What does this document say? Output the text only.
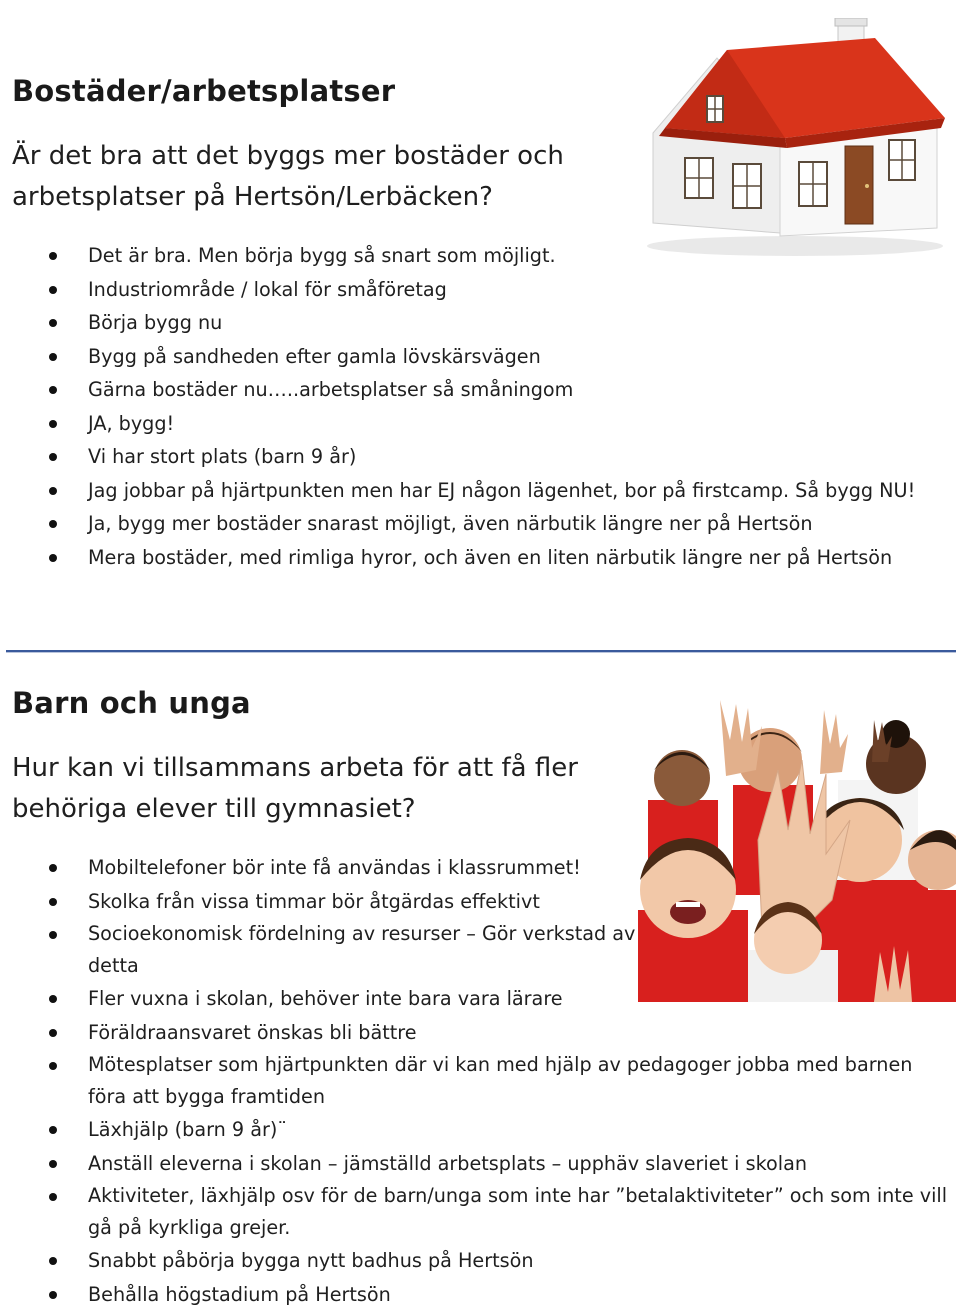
Bostäder/arbetsplatser
Är det bra att det byggs mer bostäder och
arbetsplatser på Hertsön/Lerbäcken?
Det är bra. Men börja bygg så snart som möjligt.
Industriområde / lokal för småföretag
Börja bygg nu
Bygg på sandheden efter gamla lövskärsvägen
Gärna bostäder nu…..arbetsplatser så småningom
JA, bygg!
Vi har stort plats (barn 9 år)
Jag jobbar på hjärtpunkten men har EJ någon lägenhet, bor på firstcamp. Så bygg NU!
Ja, bygg mer bostäder snarast möjligt, även närbutik längre ner på Hertsön
Mera bostäder, med rimliga hyror, och även en liten närbutik längre ner på Hertsön
Barn och unga
Hur kan vi tillsammans arbeta för att få fler
behöriga elever till gymnasiet?
Mobiltelefoner bör inte få användas i klassrummet!
Skolka från vissa timmar bör åtgärdas effektivt
Socioekonomisk fördelning av resurser – Gör verkstad av detta
Fler vuxna i skolan, behöver inte bara vara lärare
Föräldraansvaret önskas bli bättre
Mötesplatser som hjärtpunkten där vi kan med hjälp av pedagoger jobba med barnen föra att bygga framtiden
Läxhjälp (barn 9 år)¨
Anställ eleverna i skolan – jämställd arbetsplats – upphäv slaveriet i skolan
Aktiviteter, läxhjälp osv för de barn/unga som inte har ”betalaktiviteter” och som inte vill gå på kyrkliga grejer.
Snabbt påbörja bygga nytt badhus på Hertsön
Behålla högstadium på Hertsön
